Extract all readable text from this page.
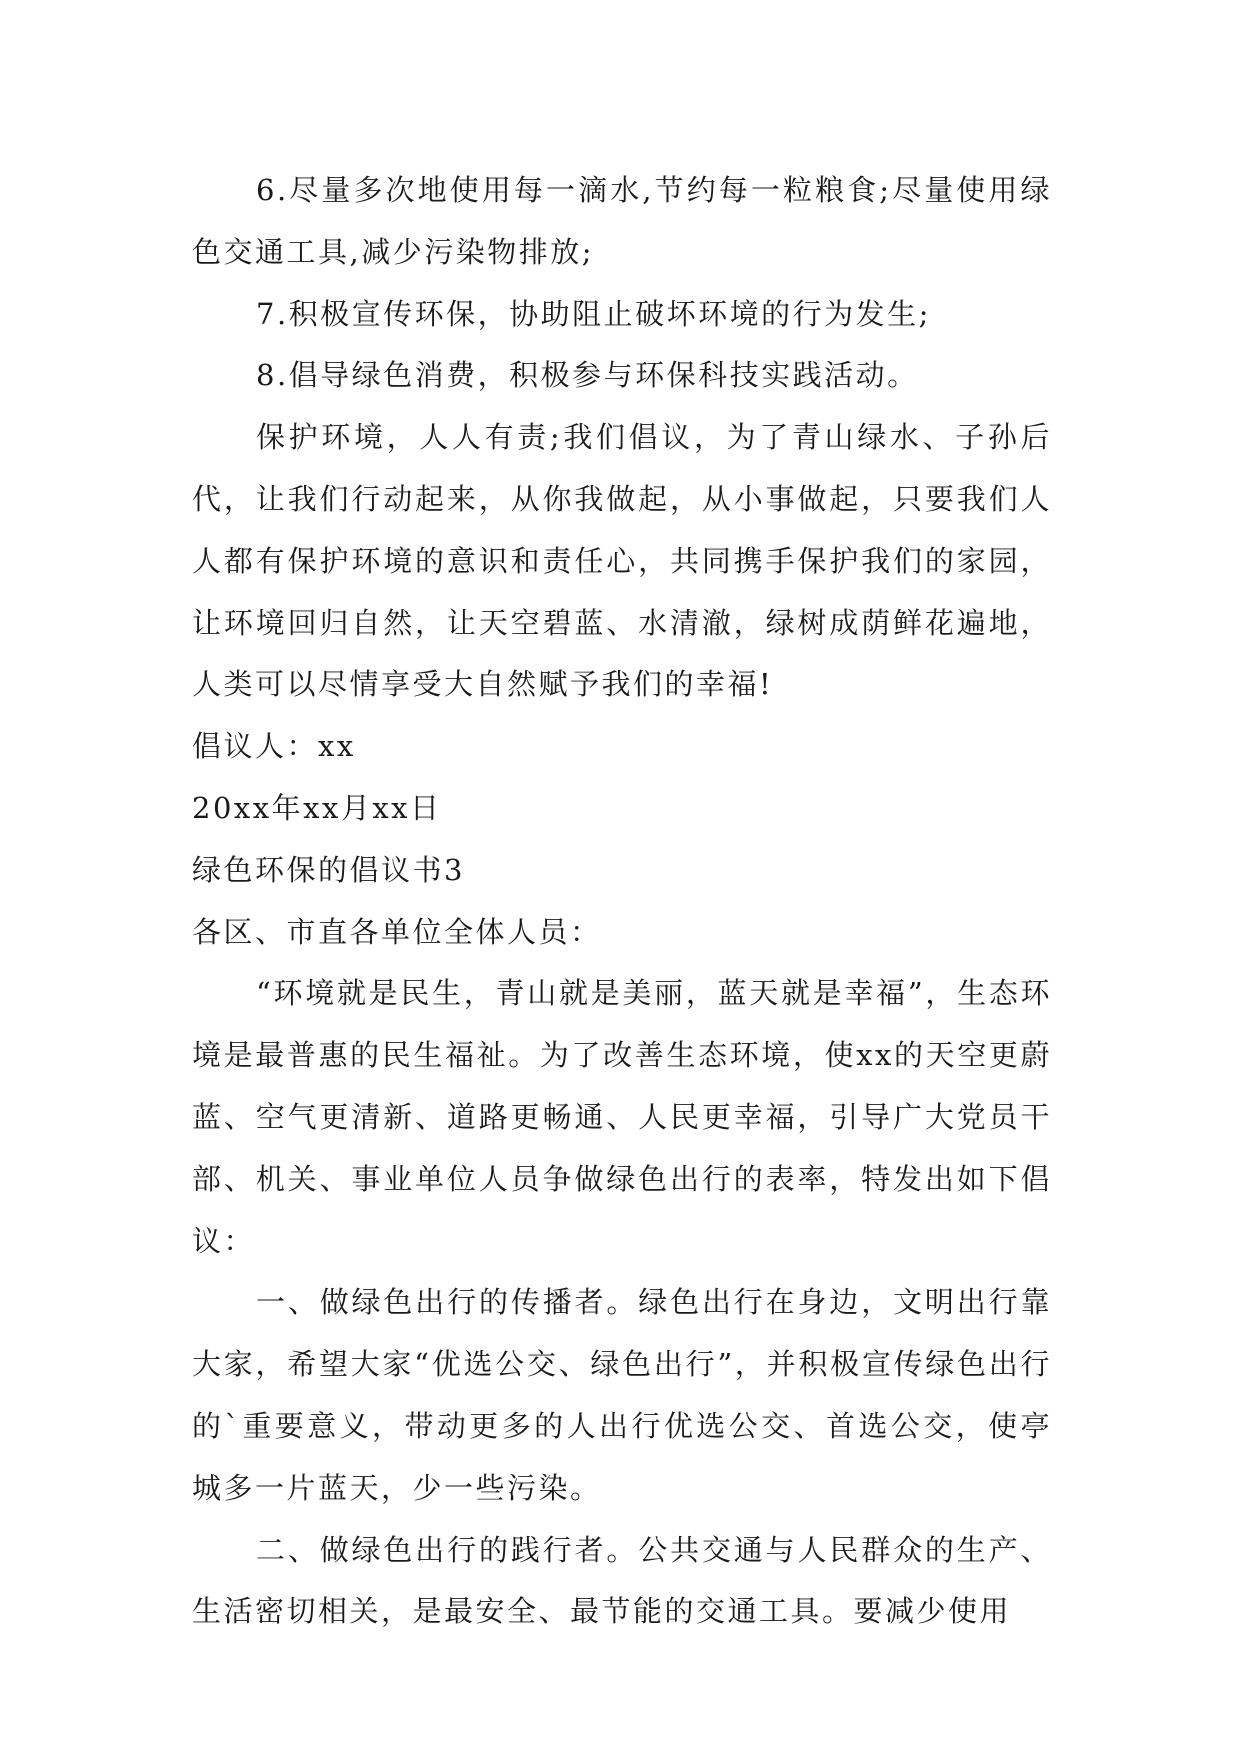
6.尽量多次地使用每一滴水,节约每一粒粮食;尽量使用绿色交通工具,减少污染物排放;

7.积极宣传环保，协助阻止破坏环境的行为发生;

8.倡导绿色消费，积极参与环保科技实践活动。

保护环境，人人有责;我们倡议，为了青山绿水、子孙后代，让我们行动起来，从你我做起，从小事做起，只要我们人人都有保护环境的意识和责任心，共同携手保护我们的家园，让环境回归自然，让天空碧蓝、水清澈，绿树成荫鲜花遍地，人类可以尽情享受大自然赋予我们的幸福!

倡议人：xx

20xx年xx月xx日

绿色环保的倡议书3

各区、市直各单位全体人员：

“环境就是民生，青山就是美丽，蓝天就是幸福”，生态环境是最普惠的民生福祉。为了改善生态环境，使xx的天空更蔚蓝、空气更清新、道路更畅通、人民更幸福，引导广大党员干部、机关、事业单位人员争做绿色出行的表率，特发出如下倡议：

一、做绿色出行的传播者。绿色出行在身边，文明出行靠大家，希望大家“优选公交、绿色出行”，并积极宣传绿色出行的`重要意义，带动更多的人出行优选公交、首选公交，使亭城多一片蓝天，少一些污染。

二、做绿色出行的践行者。公共交通与人民群众的生产、生活密切相关，是最安全、最节能的交通工具。要减少使用
